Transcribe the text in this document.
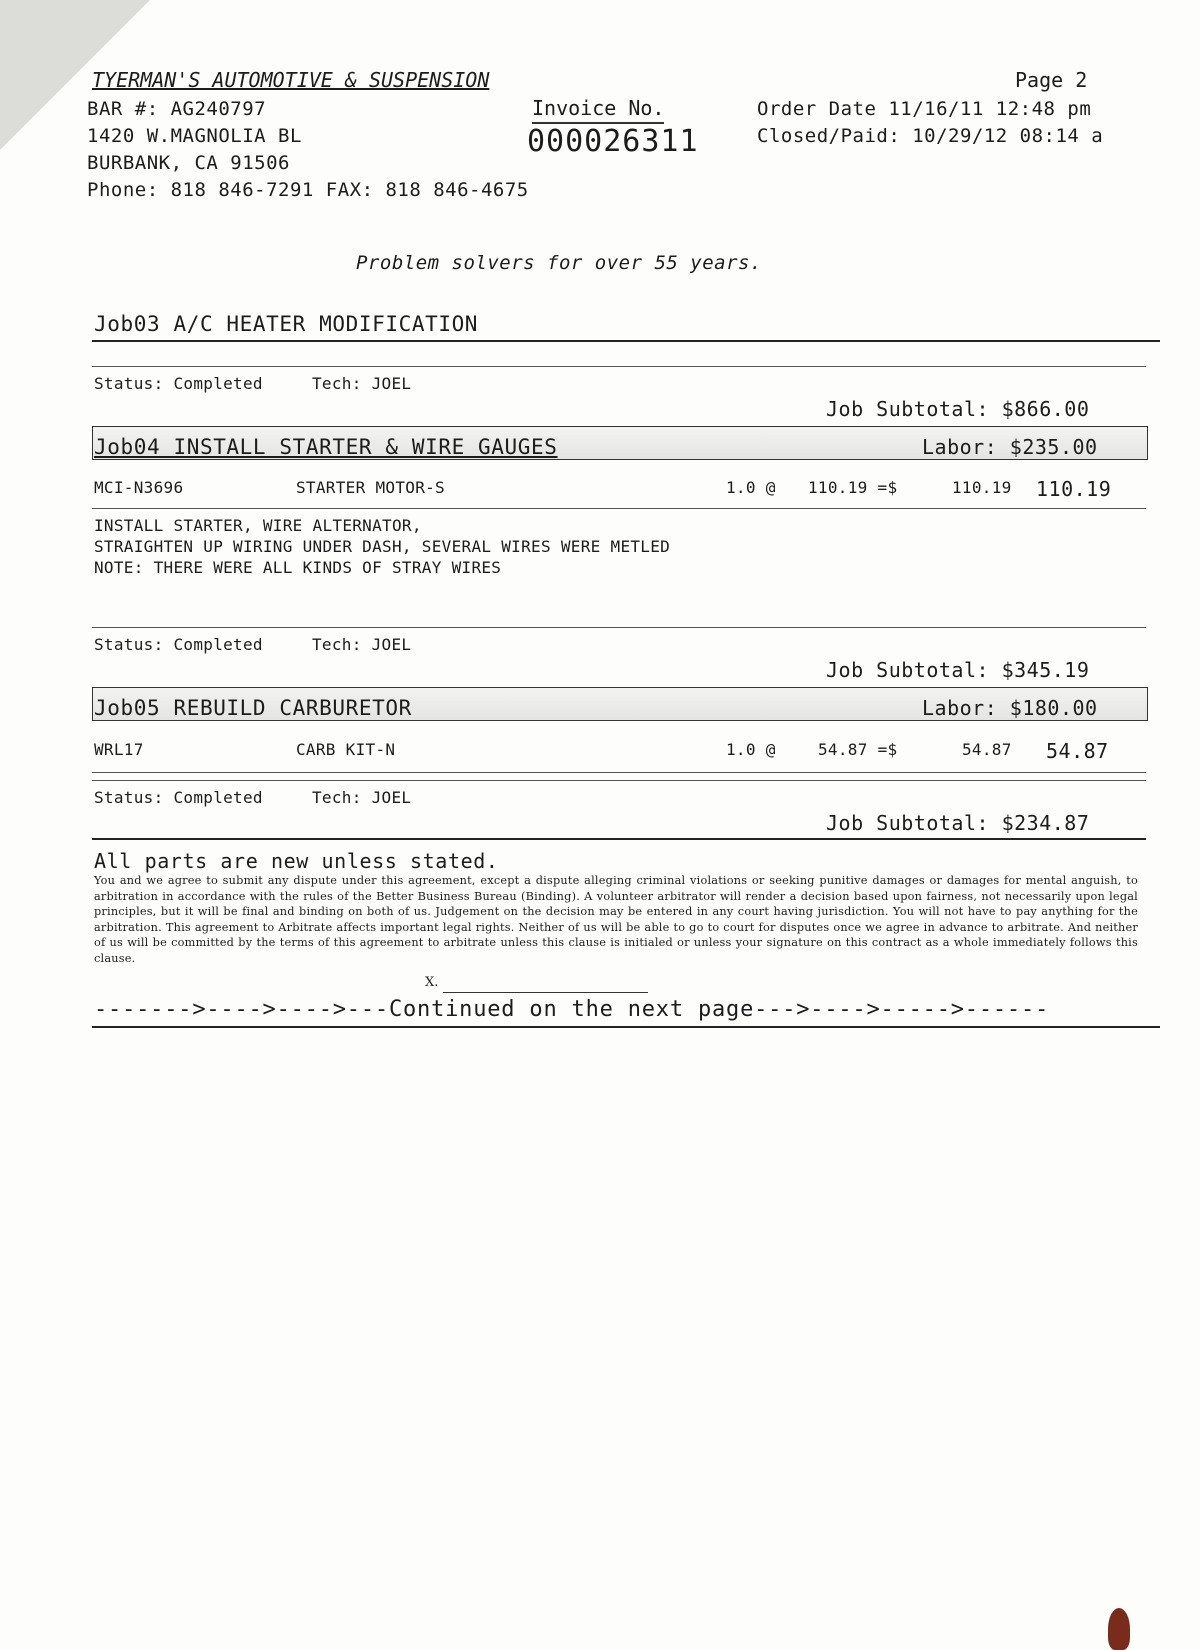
TYERMAN'S AUTOMOTIVE & SUSPENSION	Page 2
BAR #: AG240797
1420 W.MAGNOLIA BL
BURBANK, CA 91506
Phone: 818 846-7291 FAX: 818 846-4675
Invoice No.
000026311
Order Date 11/16/11 12:48 pm
Closed/Paid: 10/29/12 08:14 a
Problem solvers for over 55 years.
Job03 A/C HEATER MODIFICATION
Status: Completed	Tech: JOEL
Job Subtotal: $866.00
Job04 INSTALL STARTER & WIRE GAUGES	Labor: $235.00
MCI-N3696	STARTER MOTOR-S	1.0 @ 110.19 =$	110.19 110.19
INSTALL STARTER, WIRE ALTERNATOR,
STRAIGHTEN UP WIRING UNDER DASH, SEVERAL WIRES WERE METLED
NOTE: THERE WERE ALL KINDS OF STRAY WIRES
Status: Completed	Tech: JOEL
Job Subtotal: $345.19
Job05 REBUILD CARBURETOR	Labor: $180.00
WRL17	CARB KIT-N	1.0 @	54.87 =$	54.87 54.87
Status: Completed	Tech: JOEL
Job Subtotal: $234.87
All parts are new unless stated.
You and we agree to submit any dispute under this agreement, except a dispute alleging criminal violations or seeking punitive damages or damages for mental anguish, to arbitration in accordance with the rules of the Better Business Bureau (Binding). A volunteer arbitrator will render a decision based upon fairness, not necessarily upon legal principles, but it will be final and binding on both of us. Judgement on the decision may be entered in any court having jurisdiction. You will not have to pay anything for the arbitration. This agreement to Arbitrate affects important legal rights. Neither of us will be able to go to court for disputes once we agree in advance to arbitrate. And neither of us will be committed by the terms of this agreement to arbitrate unless this clause is initialed or unless your signature on this contract as a whole immediately follows this clause.
X.
------->---->---->---Continued on the next page--->---->----->------
